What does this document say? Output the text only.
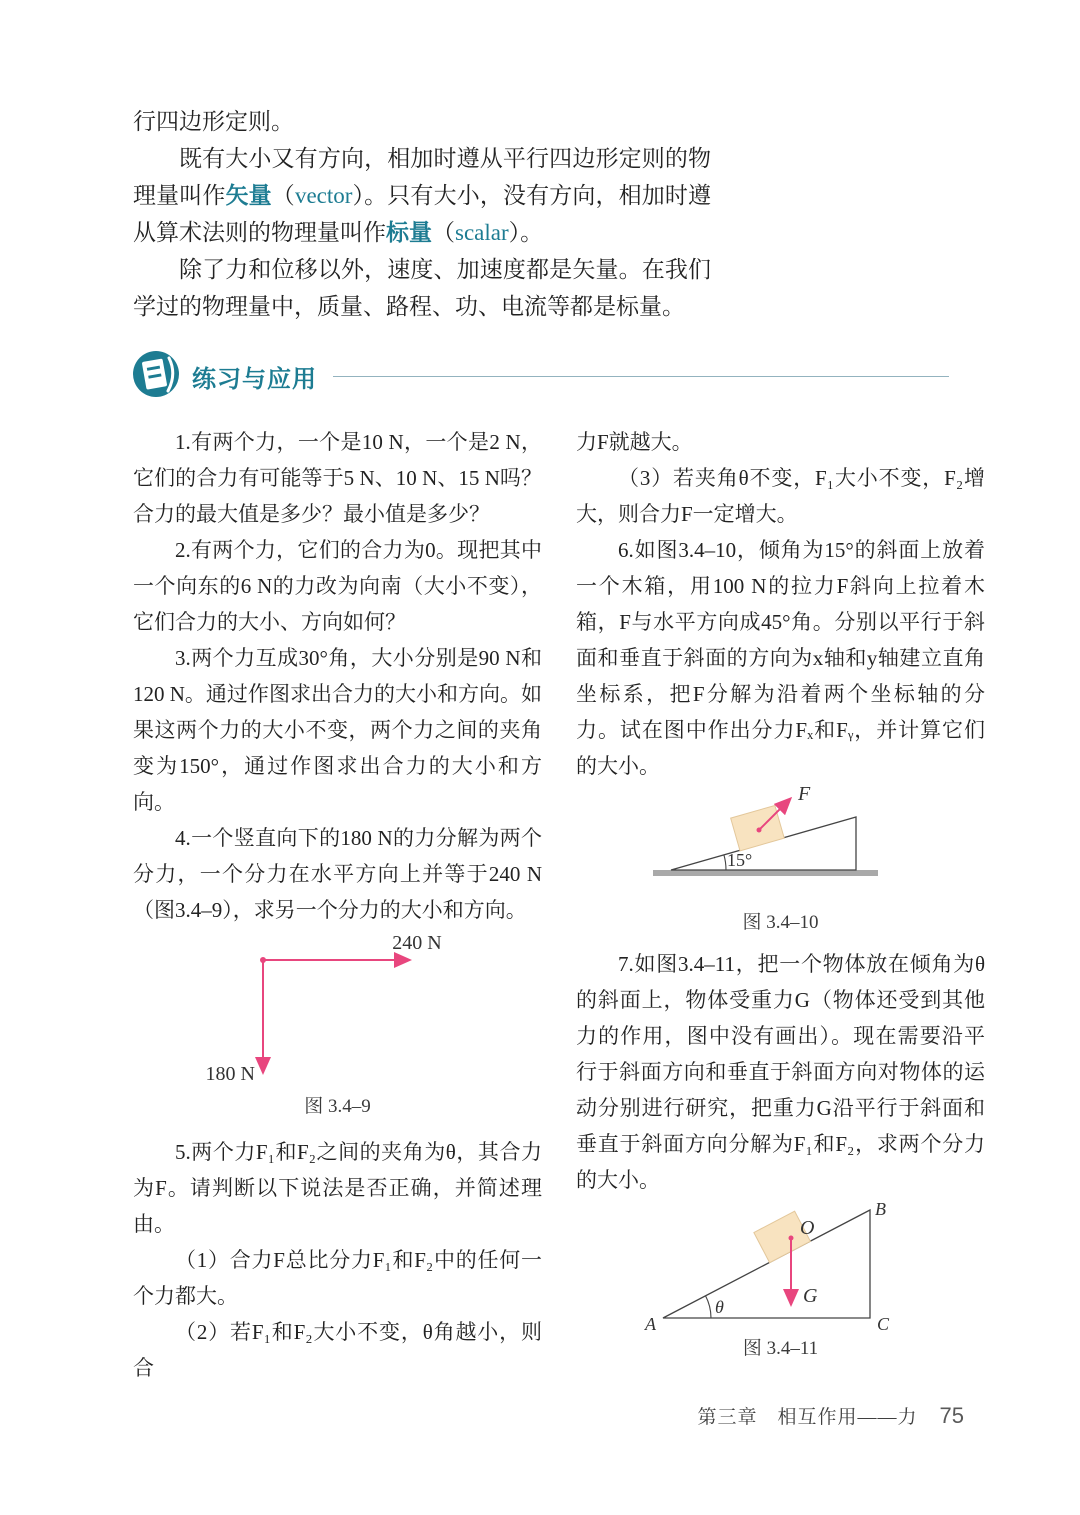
行四边形定则。

既有大小又有方向，相加时遵从平行四边形定则的物理量叫作矢量（vector）。只有大小，没有方向，相加时遵从算术法则的物理量叫作标量（scalar）。

除了力和位移以外，速度、加速度都是矢量。在我们学过的物理量中，质量、路程、功、电流等都是标量。

练习与应用

1.有两个力，一个是10 N，一个是2 N，它们的合力有可能等于5 N、10 N、15 N吗？合力的最大值是多少？最小值是多少？

2.有两个力，它们的合力为0。现把其中一个向东的6 N的力改为向南（大小不变），它们合力的大小、方向如何？

3.两个力互成30°角，大小分别是90 N和120 N。通过作图求出合力的大小和方向。如果这两个力的大小不变，两个力之间的夹角变为150°，通过作图求出合力的大小和方向。

4.一个竖直向下的180 N的力分解为两个分力，一个分力在水平方向上并等于240 N（图3.4–9），求另一个分力的大小和方向。

240 N
180 N
图 3.4–9

5.两个力F₁和F₂之间的夹角为θ，其合力为F。请判断以下说法是否正确，并简述理由。

（1）合力F总比分力F₁和F₂中的任何一个力都大。

（2）若F₁和F₂大小不变，θ角越小，则合

力F就越大。

（3）若夹角θ不变，F₁大小不变，F₂增大，则合力F一定增大。

6.如图3.4–10，倾角为15°的斜面上放着一个木箱，用100 N的拉力F斜向上拉着木箱，F与水平方向成45°角。分别以平行于斜面和垂直于斜面的方向为x轴和y轴建立直角坐标系，把F分解为沿着两个坐标轴的分力。试在图中作出分力Fₓ和Fᵧ，并计算它们的大小。

15°
F
图 3.4–10

7.如图3.4–11，把一个物体放在倾角为θ的斜面上，物体受重力G（物体还受到其他力的作用，图中没有画出）。现在需要沿平行于斜面方向和垂直于斜面方向对物体的运动分别进行研究，把重力G沿平行于斜面和垂直于斜面方向分解为F₁和F₂，求两个分力的大小。

O
G
θ
A
B
C
图 3.4–11
第三章　相互作用——力 75
